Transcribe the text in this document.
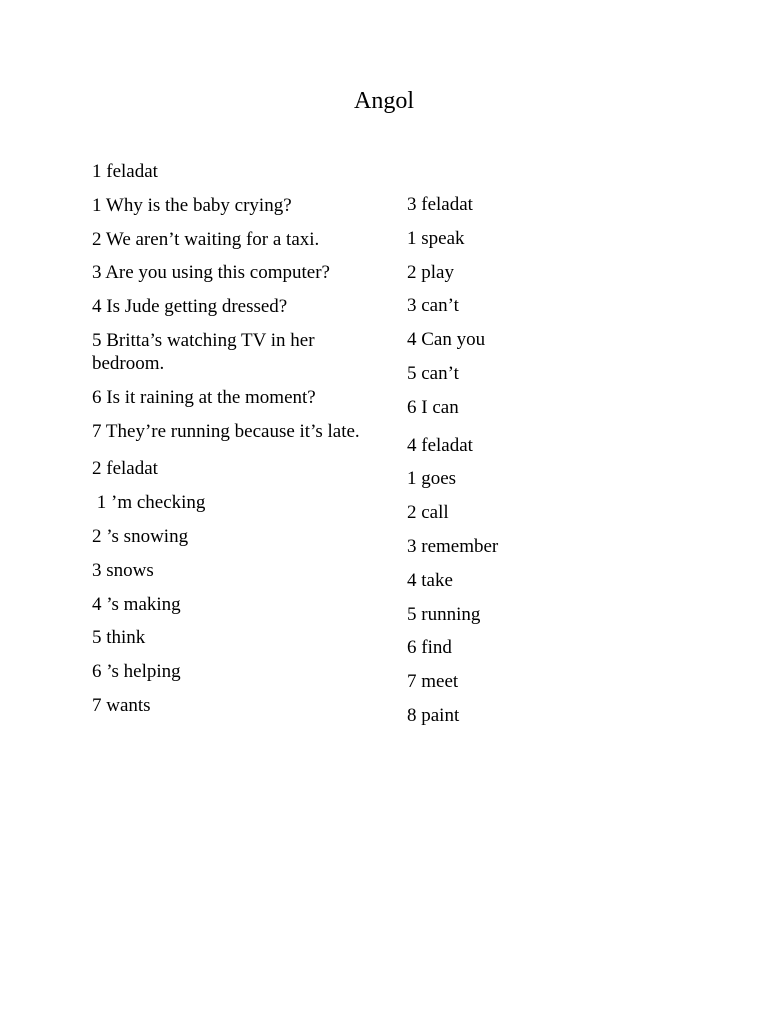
Angol
1 feladat
1 Why is the baby crying?
2 We aren’t waiting for a taxi.
3 Are you using this computer?
4 Is Jude getting dressed?
5 Britta’s watching TV in her bedroom.
6 Is it raining at the moment?
7 They’re running because it’s late.
2 feladat
1 ’m checking
2 ’s snowing
3 snows
4 ’s making
5 think
6 ’s helping
7 wants
3 feladat
1 speak
2 play
3 can’t
4 Can you
5 can’t
6 I can
4 feladat
1 goes
2 call
3 remember
4 take
5 running
6 find
7 meet
8 paint
